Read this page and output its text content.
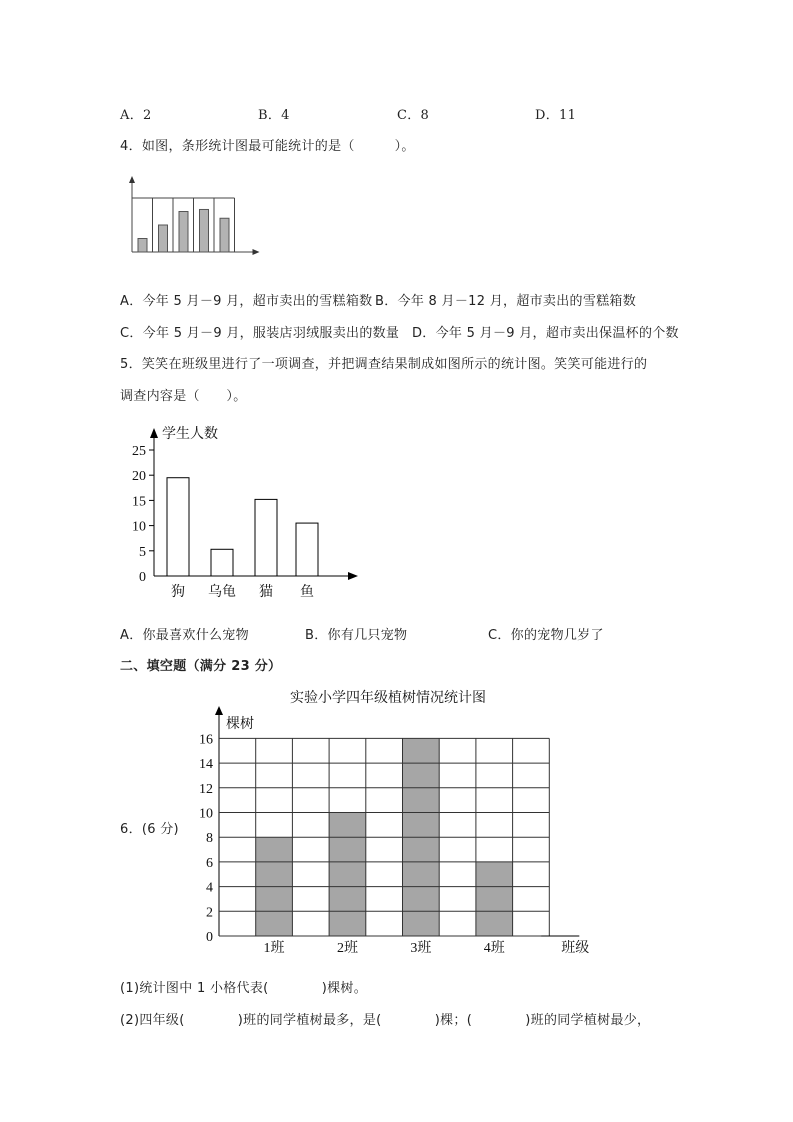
A．2	B．4	C．8	D．11
4．如图，条形统计图最可能统计的是（　　　）。
A．今年 5 月－9 月，超市卖出的雪糕箱数 B．今年 8 月－12 月，超市卖出的雪糕箱数
C．今年 5 月－9 月，服装店羽绒服卖出的数量 D．今年 5 月－9 月，超市卖出保温杯的个数
5．笑笑在班级里进行了一项调查，并把调查结果制成如图所示的统计图。笑笑可能进行的
调查内容是（　　）。
学生人数
0
5
10
15
20
25
狗 乌龟 猫 鱼
A．你最喜欢什么宠物	B．你有几只宠物	C．你的宠物几岁了
二、填空题（满分 23 分）
6．(6 分)
实验小学四年级植树情况统计图
棵树
1班	2班	3班	4班
0
2
4
6
8
10
12
14
16
班级
(1)统计图中 1 小格代表(　　　　)棵树。
(2)四年级(　　　　)班的同学植树最多，是(　　　　)棵；(　　　　)班的同学植树最少，
